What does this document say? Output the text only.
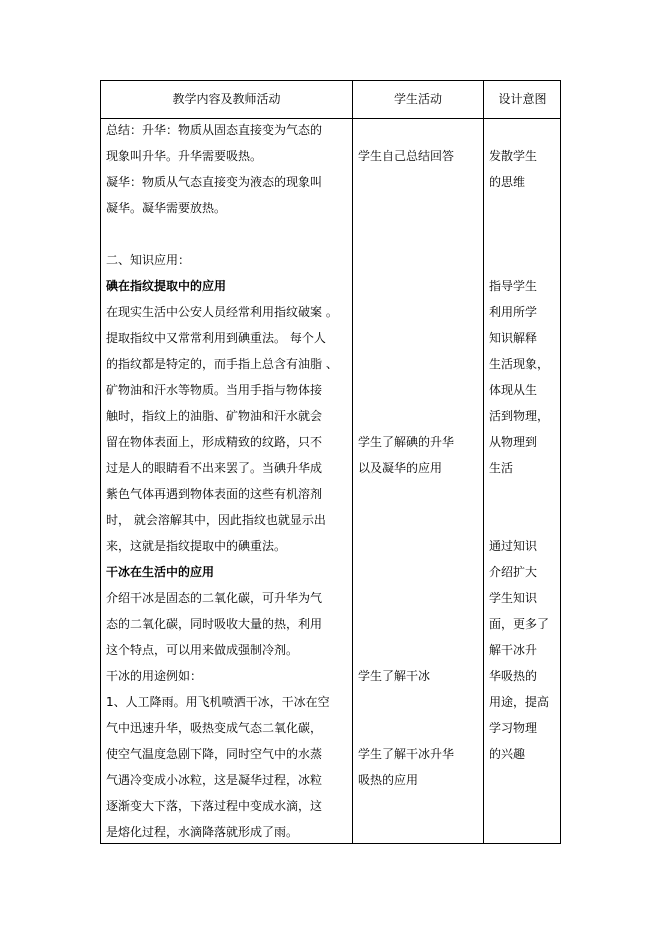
教学内容及教师活动	学生活动	设计意图
总结：升华：物质从固态直接变为气态的
现象叫升华。升华需要吸热。
凝华：物质从气态直接变为液态的现象叫
凝华。凝华需要放热。
二、知识应用：
碘在指纹提取中的应用
在现实生活中公安人员经常利用指纹破案 。
提取指纹中又常常利用到碘重法。 每个人
的指纹都是特定的，而手指上总含有油脂 、
矿物油和汗水等物质。当用手指与物体接
触时，指纹上的油脂、矿物油和汗水就会
留在物体表面上，形成精致的纹路，只不
过是人的眼睛看不出来罢了。当碘升华成
紫色气体再遇到物体表面的这些有机溶剂
时， 就会溶解其中，因此指纹也就显示出
来，这就是指纹提取中的碘重法。
干冰在生活中的应用
介绍干冰是固态的二氧化碳，可升华为气
态的二氧化碳，同时吸收大量的热，利用
这个特点，可以用来做成强制冷剂。
干冰的用途例如：
1、人工降雨。用飞机喷洒干冰，干冰在空
气中迅速升华，吸热变成气态二氧化碳，
使空气温度急剧下降，同时空气中的水蒸
气遇冷变成小冰粒，这是凝华过程，冰粒
逐渐变大下落，下落过程中变成水滴，这
是熔化过程，水滴降落就形成了雨。
学生自己总结回答
学生了解碘的升华
以及凝华的应用
学生了解干冰
学生了解干冰升华
吸热的应用
发散学生
的思维
指导学生
利用所学
知识解释
生活现象，
体现从生
活到物理，
从物理到
生活
通过知识
介绍扩大
学生知识
面，更多了
解干冰升
华吸热的
用途，提高
学习物理
的兴趣
